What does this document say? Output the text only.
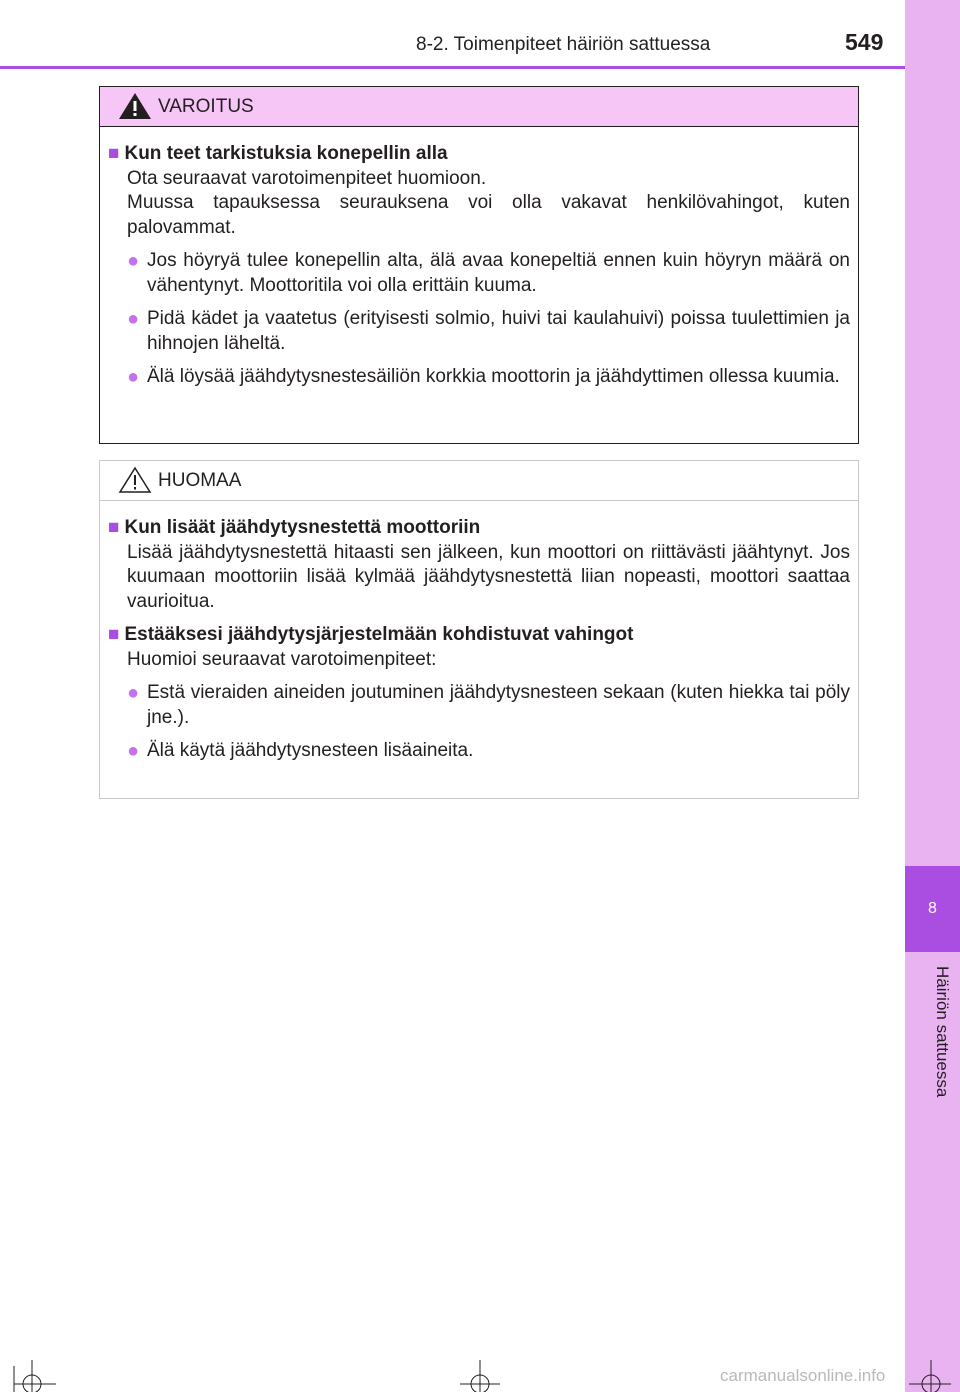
8
Häiriön sattuessa
8-2. Toimenpiteet häiriön sattuessa	549
VAROITUS
■ Kun teet tarkistuksia konepellin alla
Ota seuraavat varotoimenpiteet huomioon.
Muussa tapauksessa seurauksena voi olla vakavat henkilövahingot, kuten palovammat.
● Jos höyryä tulee konepellin alta, älä avaa konepeltiä ennen kuin höyryn määrä on vähentynyt. Moottoritila voi olla erittäin kuuma.
● Pidä kädet ja vaatetus (erityisesti solmio, huivi tai kaulahuivi) poissa tuulettimien ja hihnojen läheltä.
● Älä löysää jäähdytysnestesäiliön korkkia moottorin ja jäähdyttimen ollessa kuumia.
HUOMAA
■ Kun lisäät jäähdytysnestettä moottoriin
Lisää jäähdytysnestettä hitaasti sen jälkeen, kun moottori on riittävästi jäähtynyt. Jos kuumaan moottoriin lisää kylmää jäähdytysnestettä liian nopeasti, moottori saattaa vaurioitua.
■ Estääksesi jäähdytysjärjestelmään kohdistuvat vahingot
Huomioi seuraavat varotoimenpiteet:
● Estä vieraiden aineiden joutuminen jäähdytysnesteen sekaan (kuten hiekka tai pöly jne.).
● Älä käytä jäähdytysnesteen lisäaineita.
carmanualsonline.info
